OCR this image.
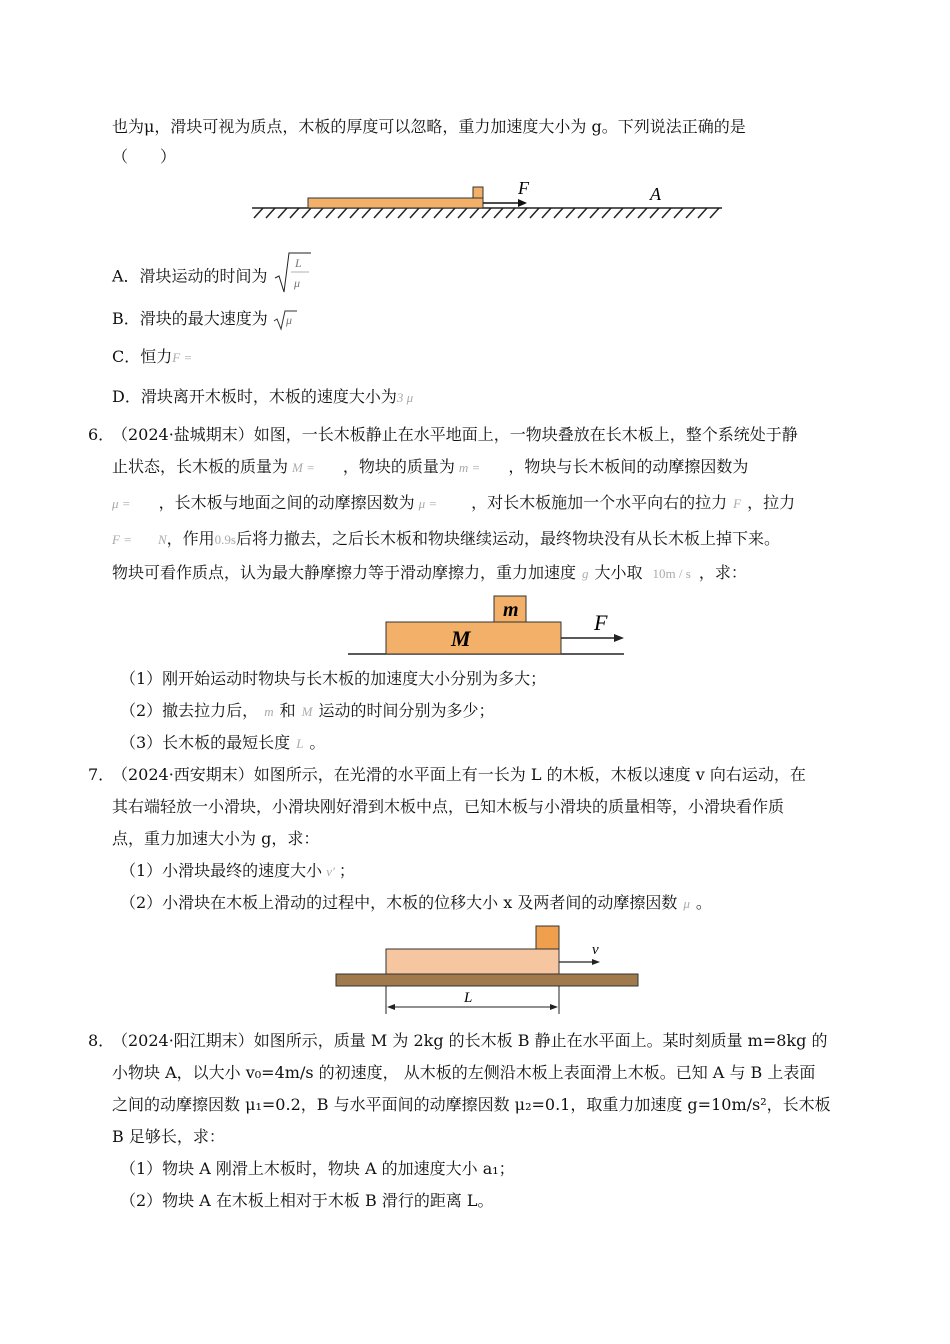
也为μ，滑块可视为质点，木板的厚度可以忽略，重力加速度大小为 g。下列说法正确的是
（　　）
F	A
A．滑块运动的时间为
L
μ
B．滑块的最大速度为 μ
C．恒力F =
D．滑块离开木板时，木板的速度大小为3 μ
6．
（2024·盐城期末）如图，一长木板静止在水平地面上，一物块叠放在长木板上，整个系统处于静
止状态，长木板的质量为 M = ，物块的质量为 m = ，物块与长木板间的动摩擦因数为
μ = ，长木板与地面之间的动摩擦因数为 μ = ，对长木板施加一个水平向右的拉力 F ，拉力
F = N，作用0.9s后将力撤去，之后长木板和物块继续运动，最终物块没有从长木板上掉下来。
物块可看作质点，认为最大静摩擦力等于滑动摩擦力，重力加速度 g 大小取 10m / s ，求：
m
M
F
（1）刚开始运动时物块与长木板的加速度大小分别为多大；
（2）撤去拉力后， m 和 M 运动的时间分别为多少；
（3）长木板的最短长度 L 。
7．
（2024·西安期末）如图所示，在光滑的水平面上有一长为 L 的木板，木板以速度 v 向右运动，在
其右端轻放一小滑块，小滑块刚好滑到木板中点，已知木板与小滑块的质量相等，小滑块看作质
点，重力加速大小为 g，求：
（1）小滑块最终的速度大小 v′ ；
（2）小滑块在木板上滑动的过程中，木板的位移大小 x 及两者间的动摩擦因数 μ 。
v
L
8．
（2024·阳江期末）如图所示，质量 M 为 2kg 的长木板 B 静止在水平面上。某时刻质量 m=8kg 的
小物块 A，以大小 v₀=4m/s 的初速度， 从木板的左侧沿木板上表面滑上木板。已知 A 与 B 上表面
之间的动摩擦因数 μ₁=0.2，B 与水平面间的动摩擦因数 μ₂=0.1，取重力加速度 g=10m/s²，长木板
B 足够长，求：
（1）物块 A 刚滑上木板时，物块 A 的加速度大小 a₁；
（2）物块 A 在木板上相对于木板 B 滑行的距离 L。
